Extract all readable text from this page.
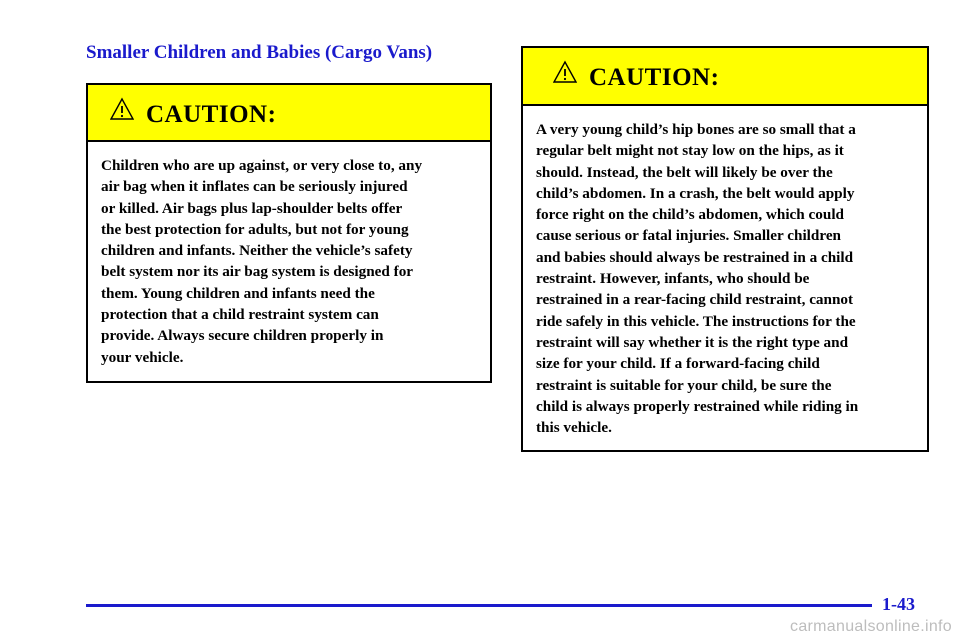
Smaller Children and Babies (Cargo Vans)
CAUTION:
Children who are up against, or very close to, any
air bag when it inflates can be seriously injured
or killed. Air bags plus lap-shoulder belts offer
the best protection for adults, but not for young
children and infants. Neither the vehicle’s safety
belt system nor its air bag system is designed for
them. Young children and infants need the
protection that a child restraint system can
provide. Always secure children properly in
your vehicle.
CAUTION:
A very young child’s hip bones are so small that a
regular belt might not stay low on the hips, as it
should. Instead, the belt will likely be over the
child’s abdomen. In a crash, the belt would apply
force right on the child’s abdomen, which could
cause serious or fatal injuries. Smaller children
and babies should always be restrained in a child
restraint. However, infants, who should be
restrained in a rear-facing child restraint, cannot
ride safely in this vehicle. The instructions for the
restraint will say whether it is the right type and
size for your child. If a forward-facing child
restraint is suitable for your child, be sure the
child is always properly restrained while riding in
this vehicle.
1-43
carmanualsonline.info
